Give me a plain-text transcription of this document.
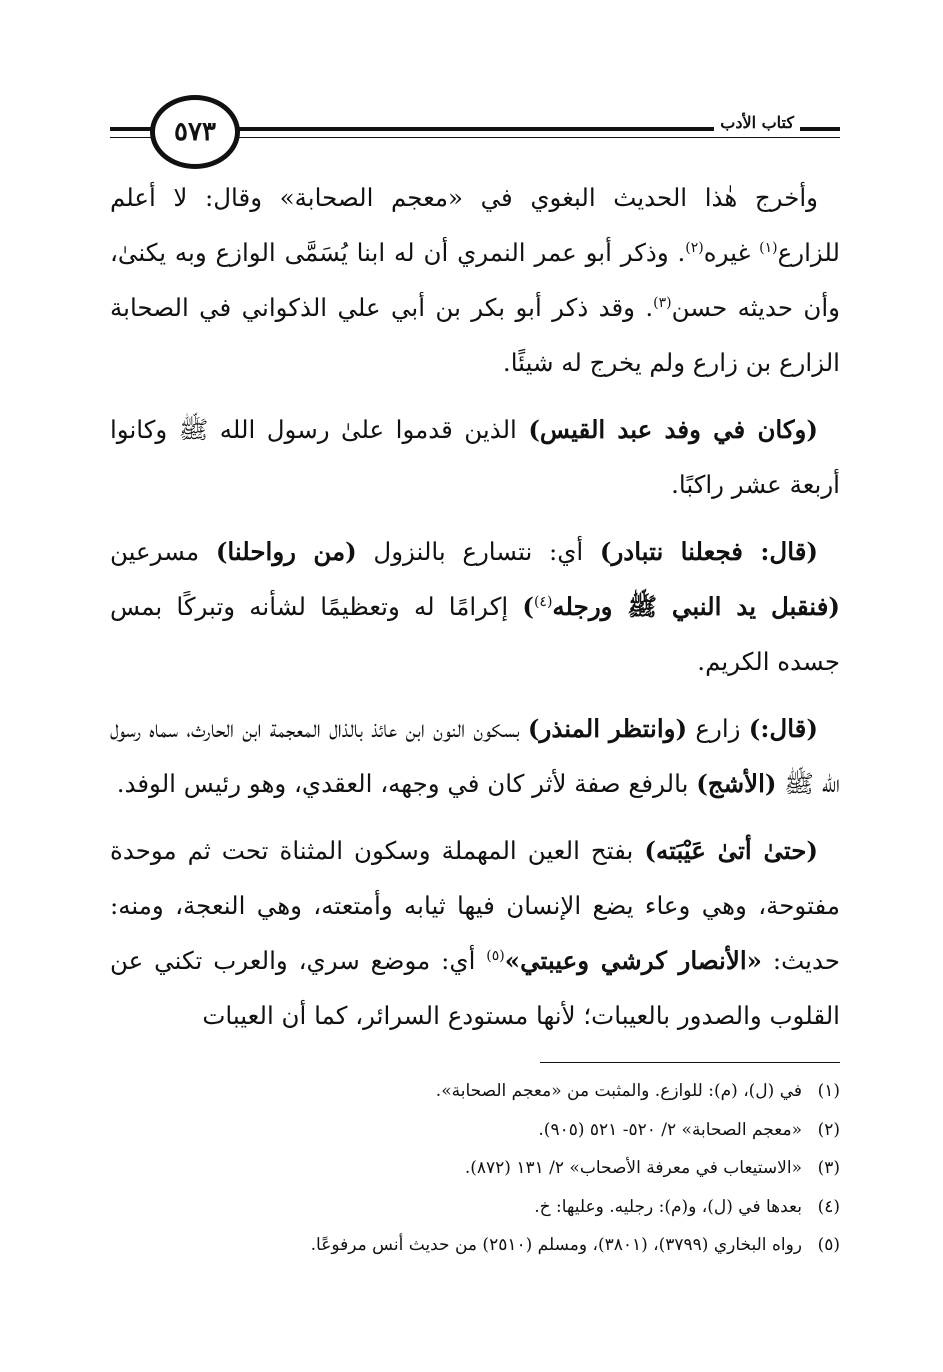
٥٧٣	كتاب الأدب

وأخرج هٰذا الحديث البغوي في «معجم الصحابة» وقال: لا أعلم للزارع$^{(١)}$ غيره$^{(٢)}$. وذكر أبو عمر النمري أن له ابنا يُسَمَّى الوازع وبه يكنىٰ، وأن حديثه حسن$^{(٣)}$. وقد ذكر أبو بكر بن أبي علي الذكواني في الصحابة الزارع بن زارع ولم يخرج له شيئًا.

(وكان في وفد عبد القيس) الذين قدموا علىٰ رسول الله ﷺ وكانوا أربعة عشر راكبًا.

(قال: فجعلنا نتبادر) أي: نتسارع بالنزول (من رواحلنا) مسرعين (فنقبل يد النبي ﷺ ورجله$^{(٤)}$) إكرامًا له وتعظيمًا لشأنه وتبركًا بمس جسده الكريم.

(قال:) زارع (وانتظر المنذر) بسكون النون ابن عائذ بالذال المعجمة ابن الحارث، سماه رسول الله ﷺ (الأشج) بالرفع صفة لأثر كان في وجهه، العقدي، وهو رئيس الوفد.

(حتىٰ أتىٰ عَيْبَته) بفتح العين المهملة وسكون المثناة تحت ثم موحدة مفتوحة، وهي وعاء يضع الإنسان فيها ثيابه وأمتعته، وهي النعجة، ومنه: حديث: «الأنصار كرشي وعيبتي»$^{(٥)}$ أي: موضع سري، والعرب تكني عن القلوب والصدور بالعيبات؛ لأنها مستودع السرائر، كما أن العيبات

(١)
في (ل)، (م): للوازع. والمثبت من «معجم الصحابة».
(٢)
«معجم الصحابة» ٢/ ٥٢٠- ٥٢١ (٩٠٥).
(٣)
«الاستيعاب في معرفة الأصحاب» ٢/ ١٣١ (٨٧٢).
(٤)
بعدها في (ل)، و(م): رجليه. وعليها: خ.
(٥)
رواه البخاري (٣٧٩٩)، (٣٨٠١)، ومسلم (٢٥١٠) من حديث أنس مرفوعًا.
